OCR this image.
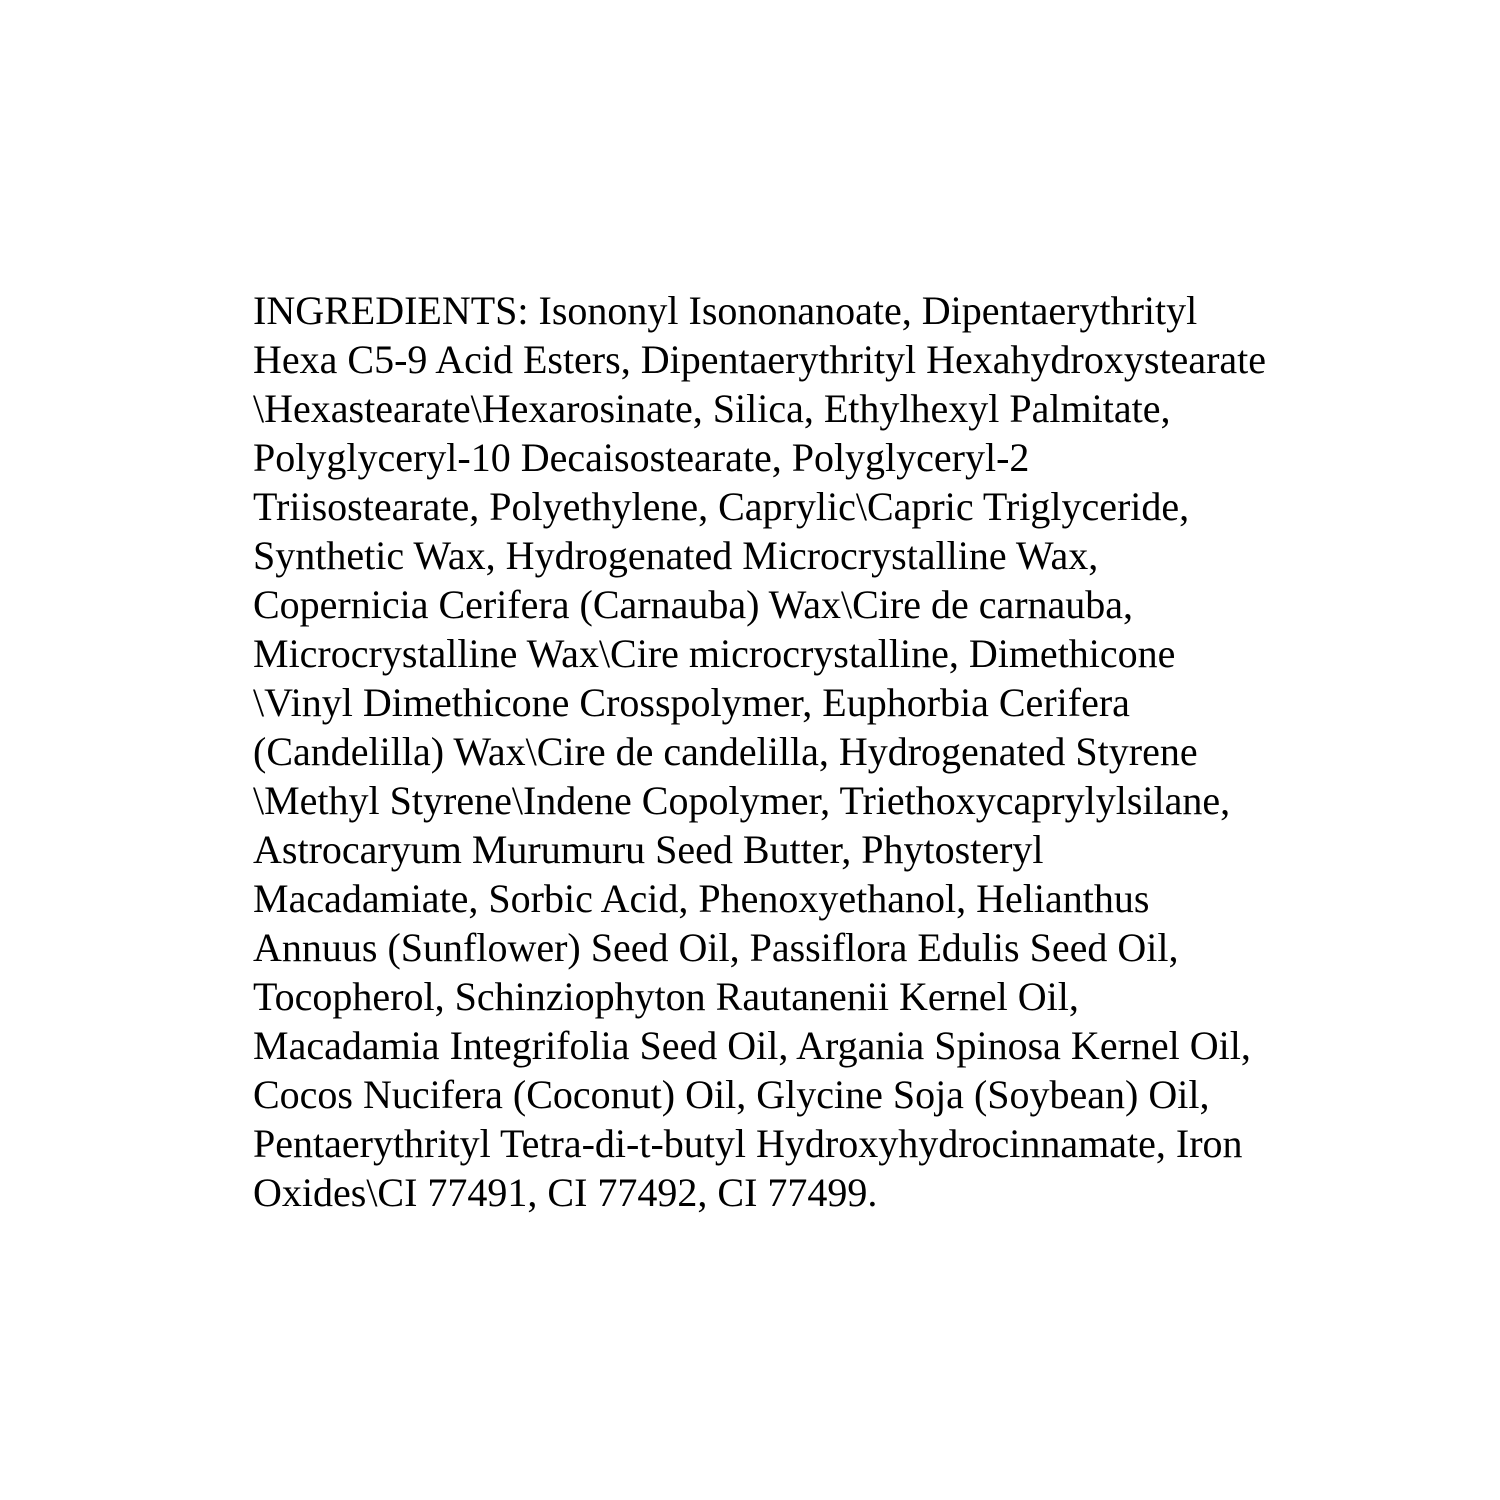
INGREDIENTS: Isononyl Isononanoate, Dipentaerythrityl
Hexa C5-9 Acid Esters, Dipentaerythrityl Hexahydroxystearate
\Hexastearate\Hexarosinate, Silica, Ethylhexyl Palmitate,
Polyglyceryl-10 Decaisostearate, Polyglyceryl-2
Triisostearate, Polyethylene, Caprylic\Capric Triglyceride,
Synthetic Wax, Hydrogenated Microcrystalline Wax,
Copernicia Cerifera (Carnauba) Wax\Cire de carnauba,
Microcrystalline Wax\Cire microcrystalline, Dimethicone
\Vinyl Dimethicone Crosspolymer, Euphorbia Cerifera
(Candelilla) Wax\Cire de candelilla, Hydrogenated Styrene
\Methyl Styrene\Indene Copolymer, Triethoxycaprylylsilane,
Astrocaryum Murumuru Seed Butter, Phytosteryl
Macadamiate, Sorbic Acid, Phenoxyethanol, Helianthus
Annuus (Sunflower) Seed Oil, Passiflora Edulis Seed Oil,
Tocopherol, Schinziophyton Rautanenii Kernel Oil,
Macadamia Integrifolia Seed Oil, Argania Spinosa Kernel Oil,
Cocos Nucifera (Coconut) Oil, Glycine Soja (Soybean) Oil,
Pentaerythrityl Tetra-di-t-butyl Hydroxyhydrocinnamate, Iron
Oxides\CI 77491, CI 77492, CI 77499.
